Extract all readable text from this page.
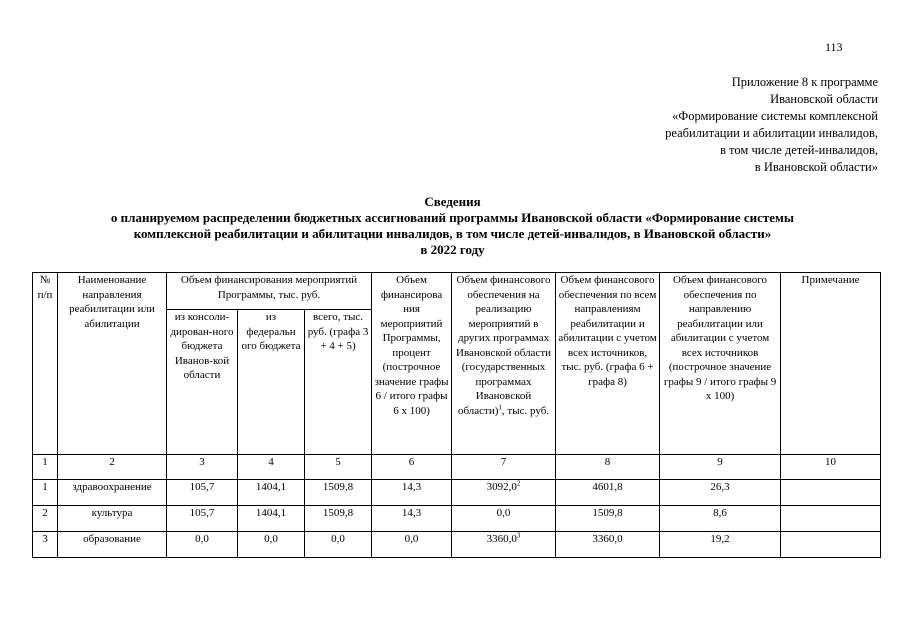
113
Приложение 8 к программе
Ивановской области
«Формирование системы комплексной
реабилитации и абилитации инвалидов,
в том числе детей-инвалидов,
в Ивановской области»
Сведения
о планируемом распределении бюджетных ассигнований программы Ивановской области «Формирование системы
комплексной реабилитации и абилитации инвалидов, в том числе детей-инвалидов, в Ивановской области»
в 2022 году
№ п/п	Наименование направления реабилитации или абилитации	Объем финансирования мероприятий Программы, тыс. руб.			Объем финансирова ния мероприятий Программы, процент (построчное значение графы 6 / итого графы 6 х 100)	Объем финансового обеспечения на реализацию мероприятий в других программах Ивановской области (государственных программах Ивановской области)$^1$, тыс. руб.	Объем финансового обеспечения по всем направлениям реабилитации и абилитации с учетом всех источников, тыс. руб. (графа 6 + графа 8)	Объем финансового обеспечения по направлению реабилитации или абилитации с учетом всех источников (построчное значение графы 9 / итого графы 9 х 100)	Примечание
		из консоли-дирован-ного бюджета Иванов-кой области	из федеральн ого бюджета	всего, тыс. руб. (графа 3 + 4 + 5)					
1	2	3	4	5	6	7	8	9	10
1	здравоохранение	105,7	1404,1	1509,8	14,3	3092,0$^2$	4601,8	26,3	
2	культура	105,7	1404,1	1509,8	14,3	0,0	1509,8	8,6	
3	образование	0,0	0,0	0,0	0,0	3360,0$^3$	3360,0	19,2	
